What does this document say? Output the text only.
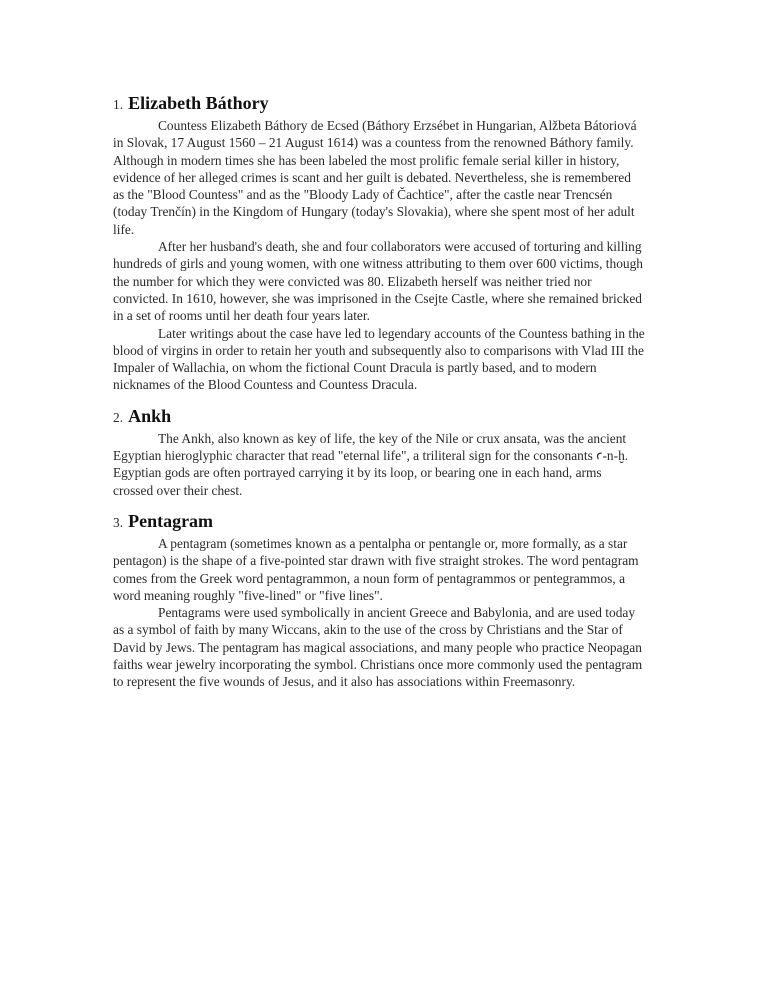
1. Elizabeth Báthory

Countess Elizabeth Báthory de Ecsed (Báthory Erzsébet in Hungarian, Alžbeta Bátoriová in Slovak, 17 August 1560 – 21 August 1614) was a countess from the renowned Báthory family. Although in modern times she has been labeled the most prolific female serial killer in history, evidence of her alleged crimes is scant and her guilt is debated. Nevertheless, she is remembered as the "Blood Countess" and as the "Bloody Lady of Čachtice", after the castle near Trencsén (today Trenčín) in the Kingdom of Hungary (today's Slovakia), where she spent most of her adult life.

After her husband's death, she and four collaborators were accused of torturing and killing hundreds of girls and young women, with one witness attributing to them over 600 victims, though the number for which they were convicted was 80. Elizabeth herself was neither tried nor convicted. In 1610, however, she was imprisoned in the Csejte Castle, where she remained bricked in a set of rooms until her death four years later.

Later writings about the case have led to legendary accounts of the Countess bathing in the blood of virgins in order to retain her youth and subsequently also to comparisons with Vlad III the Impaler of Wallachia, on whom the fictional Count Dracula is partly based, and to modern nicknames of the Blood Countess and Countess Dracula.

2. Ankh

The Ankh, also known as key of life, the key of the Nile or crux ansata, was the ancient Egyptian hieroglyphic character that read "eternal life", a triliteral sign for the consonants ꜥ-n-ḫ. Egyptian gods are often portrayed carrying it by its loop, or bearing one in each hand, arms crossed over their chest.

3. Pentagram

A pentagram (sometimes known as a pentalpha or pentangle or, more formally, as a star pentagon) is the shape of a five-pointed star drawn with five straight strokes. The word pentagram comes from the Greek word pentagrammon, a noun form of pentagrammos or pentegrammos, a word meaning roughly "five-lined" or "five lines".

Pentagrams were used symbolically in ancient Greece and Babylonia, and are used today as a symbol of faith by many Wiccans, akin to the use of the cross by Christians and the Star of David by Jews. The pentagram has magical associations, and many people who practice Neopagan faiths wear jewelry incorporating the symbol. Christians once more commonly used the pentagram to represent the five wounds of Jesus, and it also has associations within Freemasonry.
